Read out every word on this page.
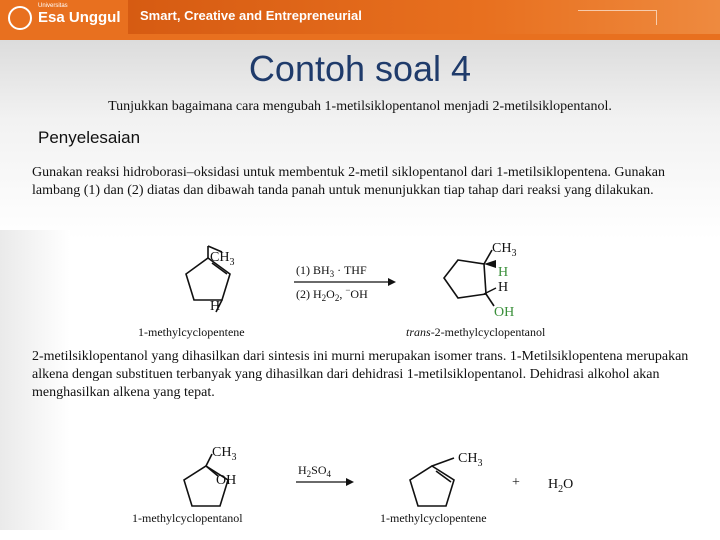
Universitas
Esa Unggul Smart, Creative and Entrepreneurial
Contoh soal 4
Tunjukkan bagaimana cara mengubah 1-metilsiklopentanol menjadi 2-metilsiklopentanol.
Penyelesaian
Gunakan reaksi hidroborasi–oksidasi untuk membentuk 2-metil siklopentanol dari 1-metilsiklopentena. Gunakan lambang (1) dan (2) diatas dan dibawah tanda panah untuk menunjukkan tiap tahap dari reaksi yang dilakukan.
$CH_3$
H
1-methylcyclopentene
(1) $BH_3$ · THF
(2) $H_2O_2$, −OH
$CH_3$
H
H
OH
trans-2-methylcyclopentanol
2-metilsiklopentanol yang dihasilkan dari sintesis ini murni merupakan isomer trans. 1-Metilsiklopentena merupakan alkena dengan substituen terbanyak yang dihasilkan dari dehidrasi 1-metilsiklopentanol. Dehidrasi alkohol akan menghasilkan alkena yang tepat.
$CH_3$
OH
1-methylcyclopentanol
$H_2SO_4$
$CH_3$
1-methylcyclopentene
+ $H_2O$
